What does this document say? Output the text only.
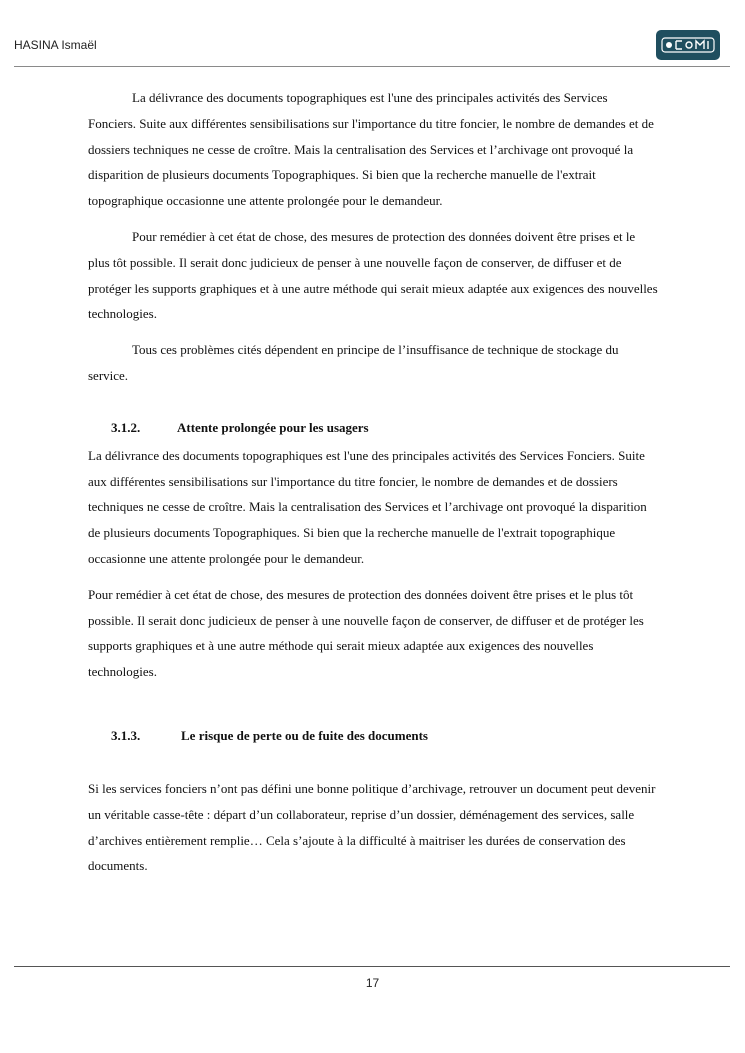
HASINA Ismaël

La délivrance des documents topographiques est l'une des principales activités des Services Fonciers. Suite aux différentes sensibilisations sur l'importance du titre foncier, le nombre de demandes et de dossiers techniques ne cesse de croître. Mais la centralisation des Services et l’archivage ont provoqué la disparition de plusieurs documents Topographiques. Si bien que la recherche manuelle de l'extrait topographique occasionne une attente prolongée pour le demandeur.

Pour remédier à cet état de chose, des mesures de protection des données doivent être prises et le plus tôt possible. Il serait donc judicieux de penser à une nouvelle façon de conserver, de diffuser et de protéger les supports graphiques et à une autre méthode qui serait mieux adaptée aux exigences des nouvelles technologies.

Tous ces problèmes cités dépendent en principe de l’insuffisance de technique de stockage du service.

3.1.2.	Attente prolongée pour les usagers

La délivrance des documents topographiques est l'une des principales activités des Services Fonciers. Suite aux différentes sensibilisations sur l'importance du titre foncier, le nombre de demandes et de dossiers techniques ne cesse de croître. Mais la centralisation des Services et l’archivage ont provoqué la disparition de plusieurs documents Topographiques. Si bien que la recherche manuelle de l'extrait topographique occasionne une attente prolongée pour le demandeur.

Pour remédier à cet état de chose, des mesures de protection des données doivent être prises et le plus tôt possible. Il serait donc judicieux de penser à une nouvelle façon de conserver, de diffuser et de protéger les supports graphiques et à une autre méthode qui serait mieux adaptée aux exigences des nouvelles technologies.

3.1.3.	Le risque de perte ou de fuite des documents

Si les services fonciers n’ont pas défini une bonne politique d’archivage, retrouver un document peut devenir un véritable casse-tête : départ d’un collaborateur, reprise d’un dossier, déménagement des services, salle d’archives entièrement remplie… Cela s’ajoute à la difficulté à maitriser les durées de conservation des documents.

17
